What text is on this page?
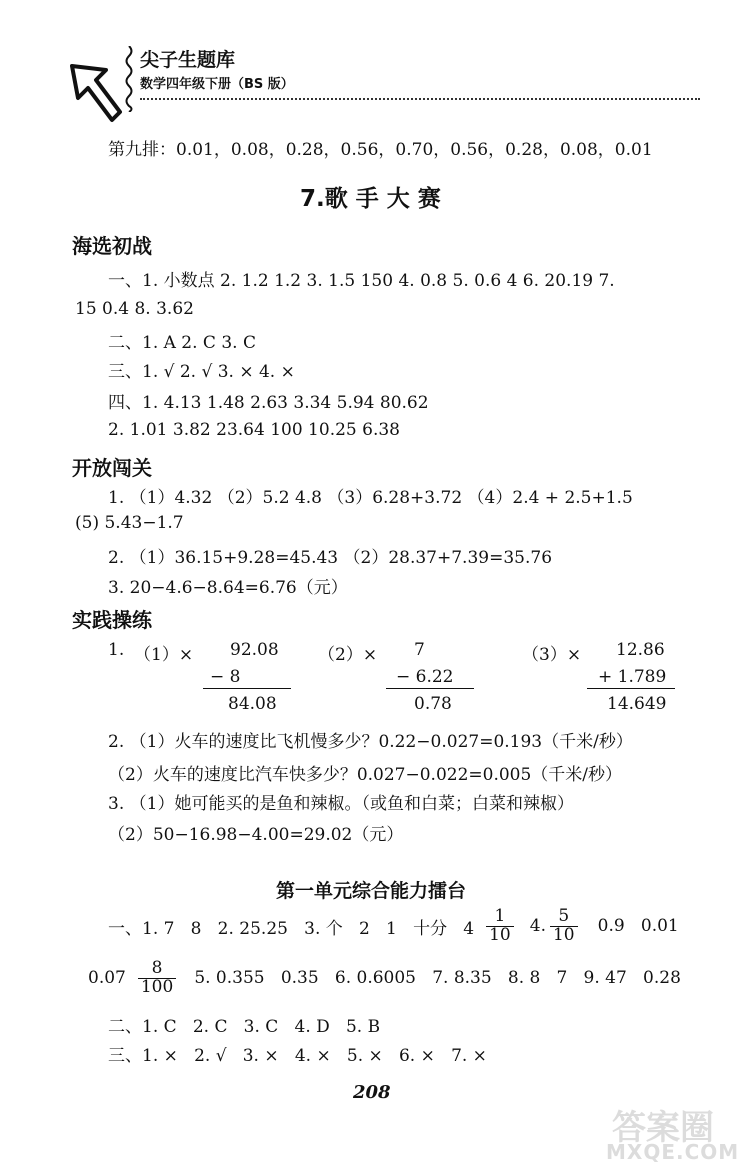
尖子生题库
数学四年级下册（BS 版）
第九排：0.01，0.08，0.28，0.56，0.70，0.56，0.28，0.08，0.01
7.歌 手 大 赛
海选初战
一、1. 小数点 2. 1.2 1.2 3. 1.5 150 4. 0.8 5. 0.6 4 6. 20.19 7.
15 0.4 8. 3.62
二、1. A 2. C 3. C
三、1. √ 2. √ 3. × 4. ×
四、1. 4.13 1.48 2.63 3.34 5.94 80.62
2. 1.01 3.82 23.64 100 10.25 6.38
开放闯关
1. （1）4.32 （2）5.2 4.8 （3）6.28+3.72 （4）2.4 + 2.5+1.5
(5) 5.43−1.7
2. （1）36.15+9.28=45.43 （2）28.37+7.39=35.76
3. 20−4.6−8.64=6.76（元）
实践操练
1. （1）× 92.08
− 8
84.08
（2）× 7
− 6.22
0.78
（3）× 12.86
+ 1.789
14.649
2. （1）火车的速度比飞机慢多少？0.22−0.027=0.193（千米/秒）
（2）火车的速度比汽车快多少？0.027−0.022=0.005（千米/秒）
3. （1）她可能买的是鱼和辣椒。（或鱼和白菜；白菜和辣椒）
（2）50−16.98−4.00=29.02（元）
第一单元综合能力擂台
一、1. 7   8   2. 25.25   3. 个   2   1   十分   $4 \frac{1}{10} 4$. $\frac{5}{10} 0.9$   0.01
$0.07 \frac{8}{100} 5$. 0.355   0.35   6. 0.6005   7. 8.35   8. 8   7   9. 47   0.28
二、1. C   2. C   3. C   4. D   5. B
三、1. ×   2. √   3. ×   4. ×   5. ×   6. ×   7. ×
208
答案圈
MXQE.COM
